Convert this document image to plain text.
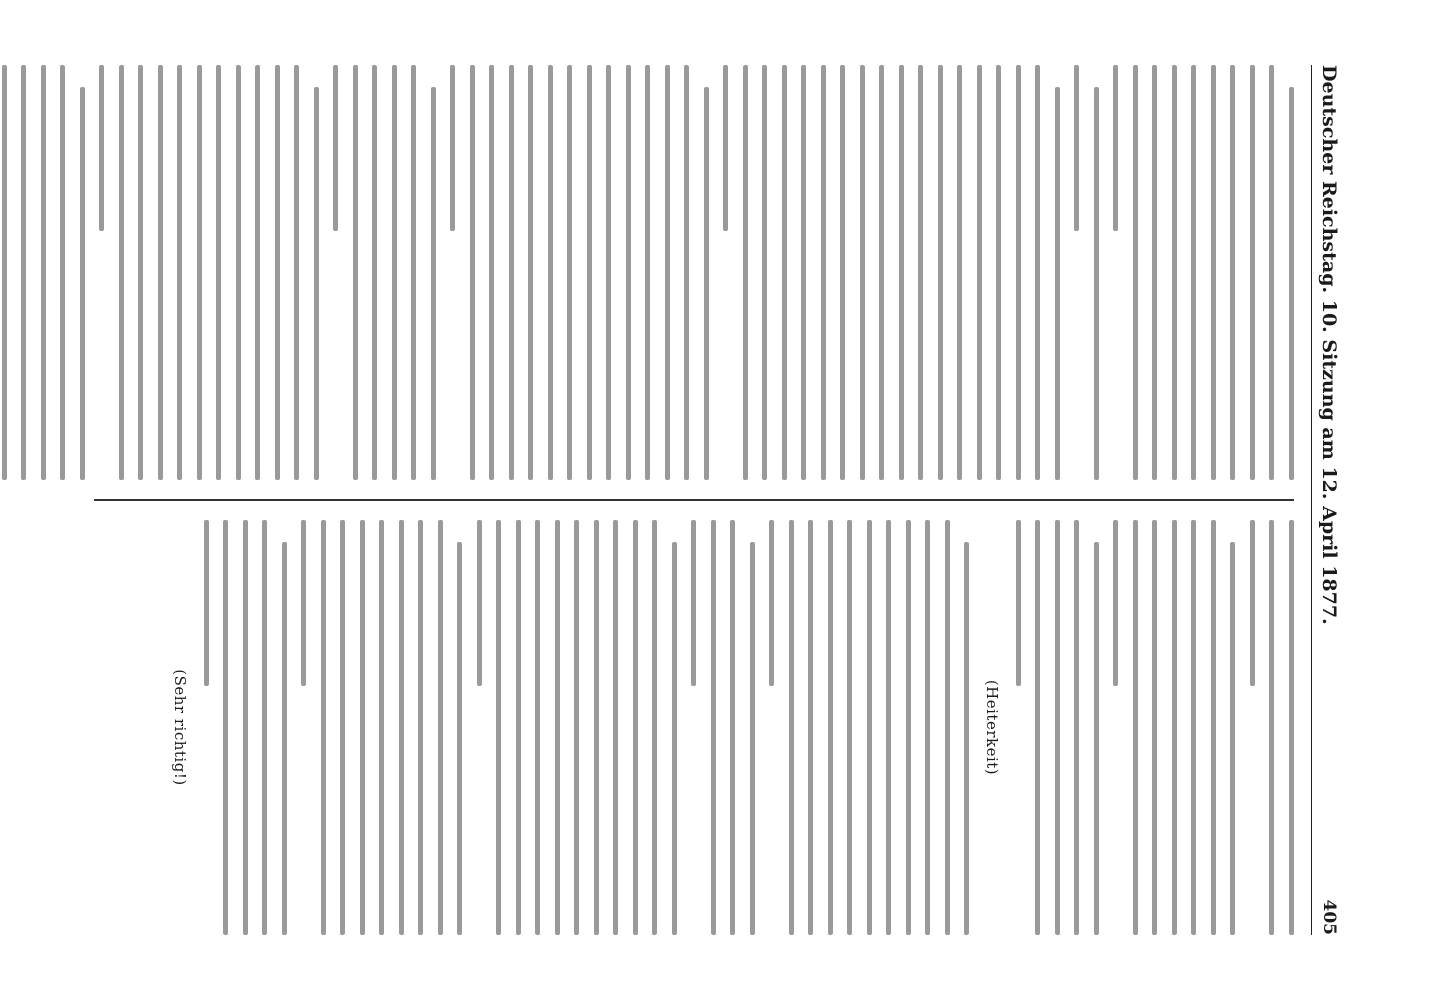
Deutscher Reichstag. 10. Sitzung am 12. April 1877.
405
(Heiterkeit)
(Sehr richtig!)
